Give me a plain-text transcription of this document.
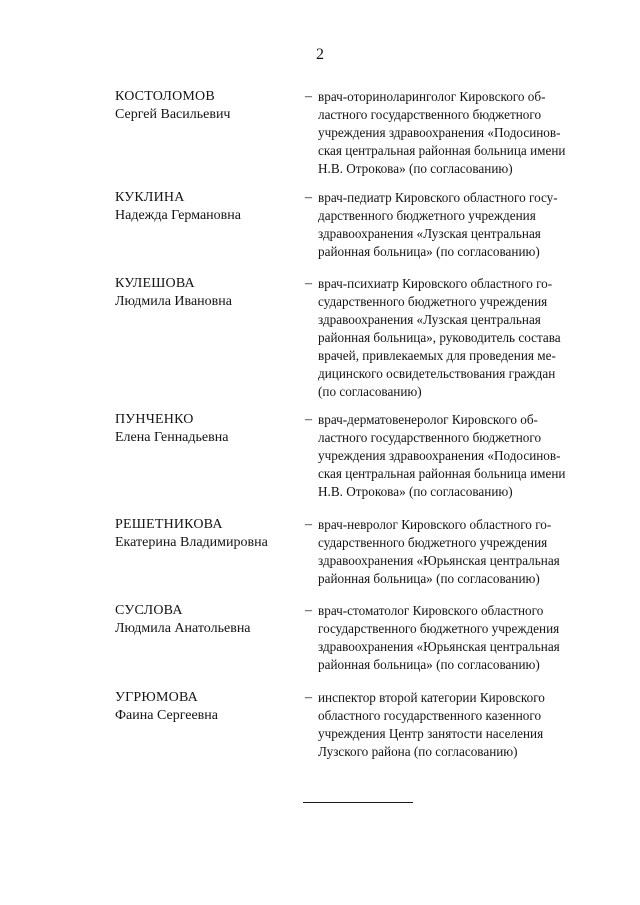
2
КОСТОЛОМОВ
Сергей Васильевич
– врач-оториноларинголог Кировского об-
ластного государственного бюджетного
учреждения здравоохранения «Подосинов-
ская центральная районная больница имени
Н.В. Отрокова» (по согласованию)
КУКЛИНА
Надежда Германовна
– врач-педиатр Кировского областного госу-
дарственного бюджетного учреждения
здравоохранения «Лузская центральная
районная больница» (по согласованию)
КУЛЕШОВА
Людмила Ивановна
– врач-психиатр Кировского областного го-
сударственного бюджетного учреждения
здравоохранения «Лузская центральная
районная больница», руководитель состава
врачей, привлекаемых для проведения ме-
дицинского освидетельствования граждан
(по согласованию)
ПУНЧЕНКО
Елена Геннадьевна
– врач-дерматовенеролог Кировского об-
ластного государственного бюджетного
учреждения здравоохранения «Подосинов-
ская центральная районная больница имени
Н.В. Отрокова» (по согласованию)
РЕШЕТНИКОВА
Екатерина Владимировна
– врач-невролог Кировского областного го-
сударственного бюджетного учреждения
здравоохранения «Юрьянская центральная
районная больница» (по согласованию)
СУСЛОВА
Людмила Анатольевна
– врач-стоматолог Кировского областного
государственного бюджетного учреждения
здравоохранения «Юрьянская центральная
районная больница» (по согласованию)
УГРЮМОВА
Фаина Сергеевна
– инспектор второй категории Кировского
областного государственного казенного
учреждения Центр занятости населения
Лузского района (по согласованию)
